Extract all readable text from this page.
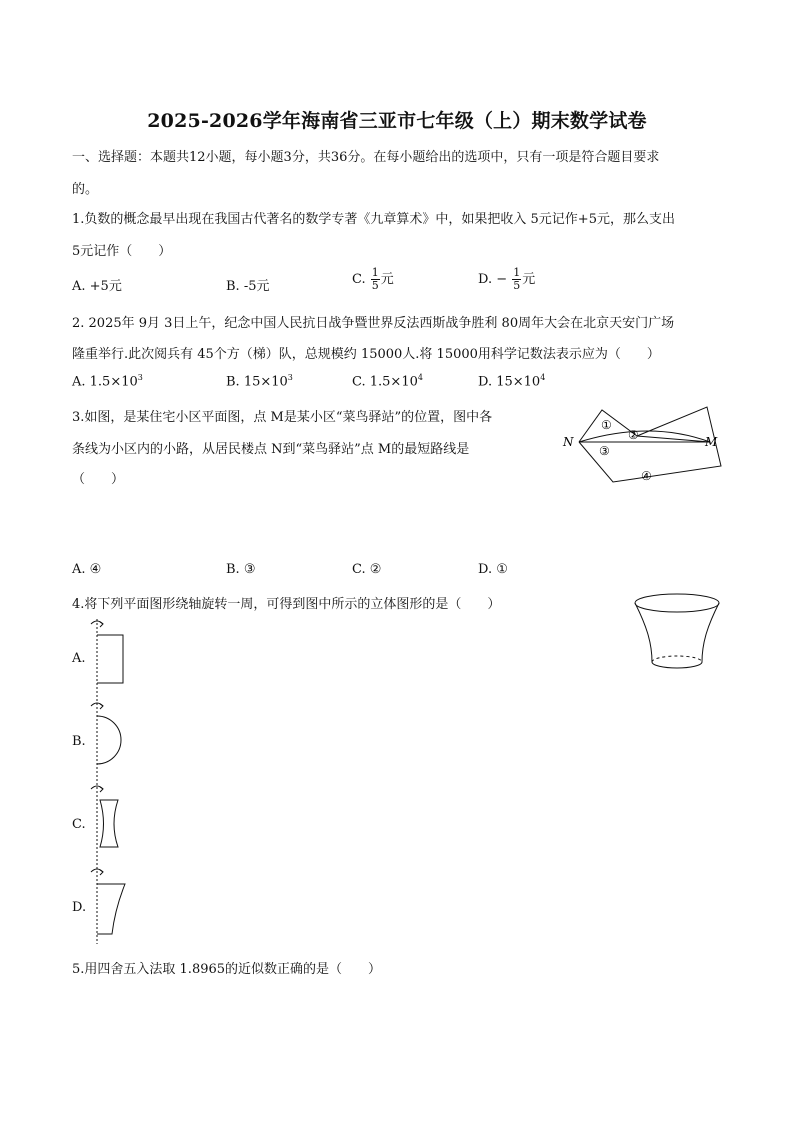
2025-2026学年海南省三亚市七年级（上）期末数学试卷
一、选择题：本题共12小题，每小题3分，共36分。在每小题给出的选项中，只有一项是符合题目要求
的。
1.负数的概念最早出现在我国古代著名的数学专著《九章算术》中，如果把收入 5元记作+5元，那么支出
5元记作（　　）
A. +5元	B. -5元	C. $\frac{1}{5}$ 元	D. − $\frac{1}{5}$ 元
2. 2025年 9月 3日上午，纪念中国人民抗日战争暨世界反法西斯战争胜利 80周年大会在北京天安门广场
隆重举行.此次阅兵有 45个方（梯）队，总规模约 15000人.将 15000用科学记数法表示应为（　　）
A. $1.5\times 10^3$	B. $15\times 10^3$	C. $1.5\times 10^4$	D. $15\times 10^4$
3.如图，是某住宅小区平面图，点 M是某小区“菜鸟驿站”的位置，图中各
条线为小区内的小路，从居民楼点 N到“菜鸟驿站”点 M的最短路线是
（　　）
N	M
①
②
③
④
A. ④	B. ③	C. ②	D. ①
4.将下列平面图形绕轴旋转一周，可得到图中所示的立体图形的是（　　）
A.
B.
C.
D.
5.用四舍五入法取 1.8965的近似数正确的是（　　）
